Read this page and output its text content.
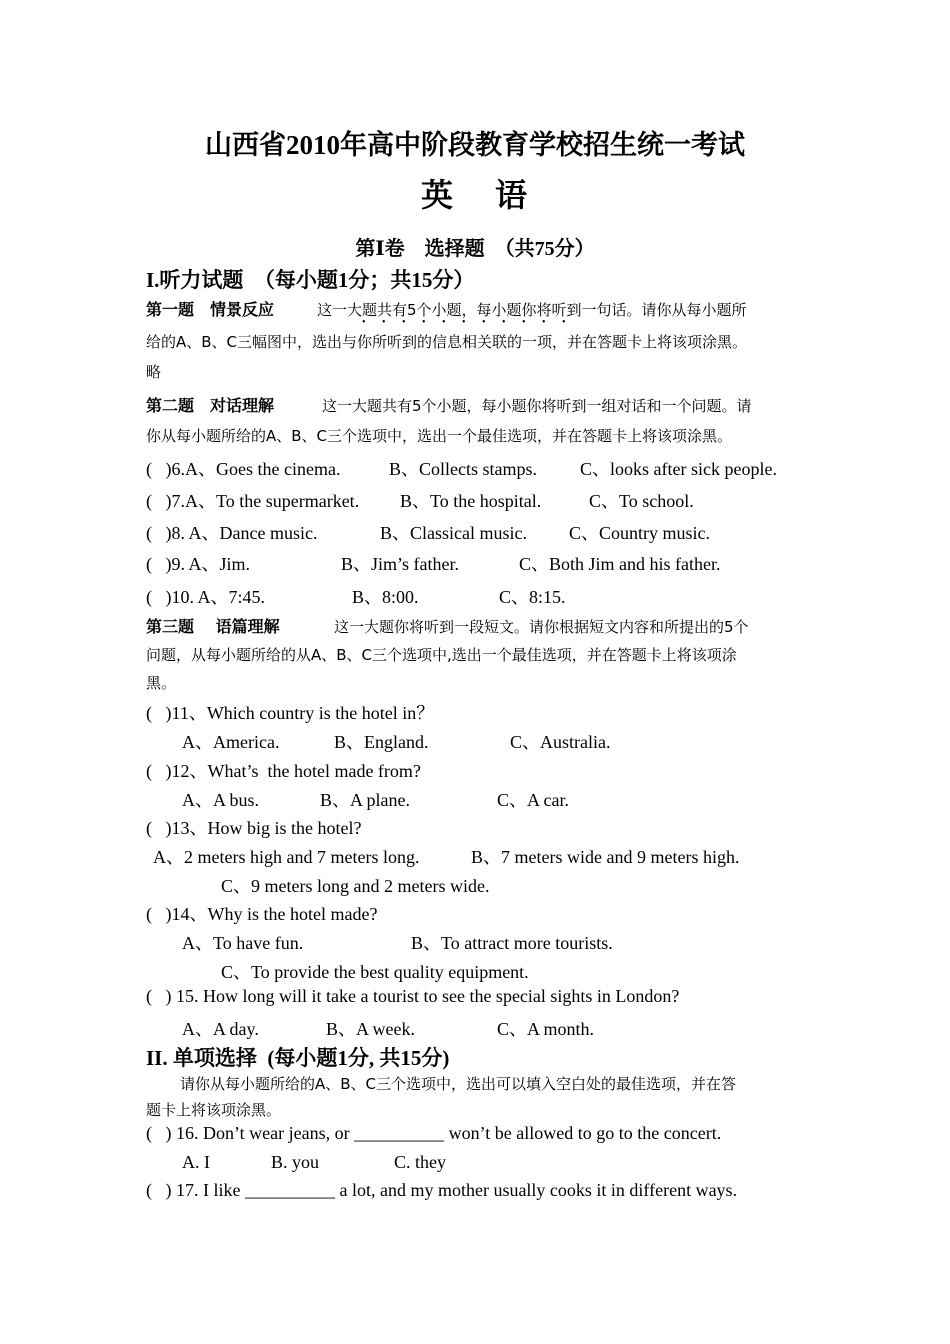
山西省2010年高中阶段教育学校招生统一考试
英    语
第Ⅰ卷　选择题  （共75分）
I.听力试题  （每小题1分；共15分）
第一题　情景反应	这一大题共有5个小题，每小题你将听到一句话。请你从每小题所
• • • • • • • • • • •
给的A、B、C三幅图中，选出与你所听到的信息相关联的一项，并在答题卡上将该项涂黑。
略
第二题　对话理解	这一大题共有5个小题，每小题你将听到一组对话和一个问题。请
你从每小题所给的A、B、C三个选项中，选出一个最佳选项，并在答题卡上将该项涂黑。
(   )6.A、Goes the cinema.	B、Collects stamps. C、looks after sick people.
(   )7.A、To the supermarket. B、To the hospital.	C、To school.
(   )8. A、Dance music.	B、Classical music. C、Country music.
(   )9. A、Jim.	B、Jim’s father.	C、Both Jim and his father.
(   )10. A、7:45.	B、8:00.	C、8:15.
第三题　 语篇理解	这一大题你将听到一段短文。请你根据短文内容和所提出的5个
问题，从每小题所给的从A、B、C三个选项中,选出一个最佳选项，并在答题卡上将该项涂
黑。
(   )11、Which country is the hotel in？
A、America.	B、England.	C、Australia.
(   )12、What’s  the hotel made from?
A、A bus.	B、A plane.	C、A car.
(   )13、How big is the hotel?
A、2 meters high and 7 meters long.	B、7 meters wide and 9 meters high.
C、9 meters long and 2 meters wide.
(   )14、Why is the hotel made?
A、To have fun.	B、To attract more tourists.
C、To provide the best quality equipment.
(   ) 15. How long will it take a tourist to see the special sights in London?
A、A day.	B、A week.	C、A month.
II. 单项选择  (每小题1分, 共15分)
请你从每小题所给的A、B、C三个选项中，选出可以填入空白处的最佳选项，并在答
题卡上将该项涂黑。
(   ) 16. Don’t wear jeans, or __________ won’t be allowed to go to the concert.
A. I	B. you	C. they
(   ) 17. I like __________ a lot, and my mother usually cooks it in different ways.
